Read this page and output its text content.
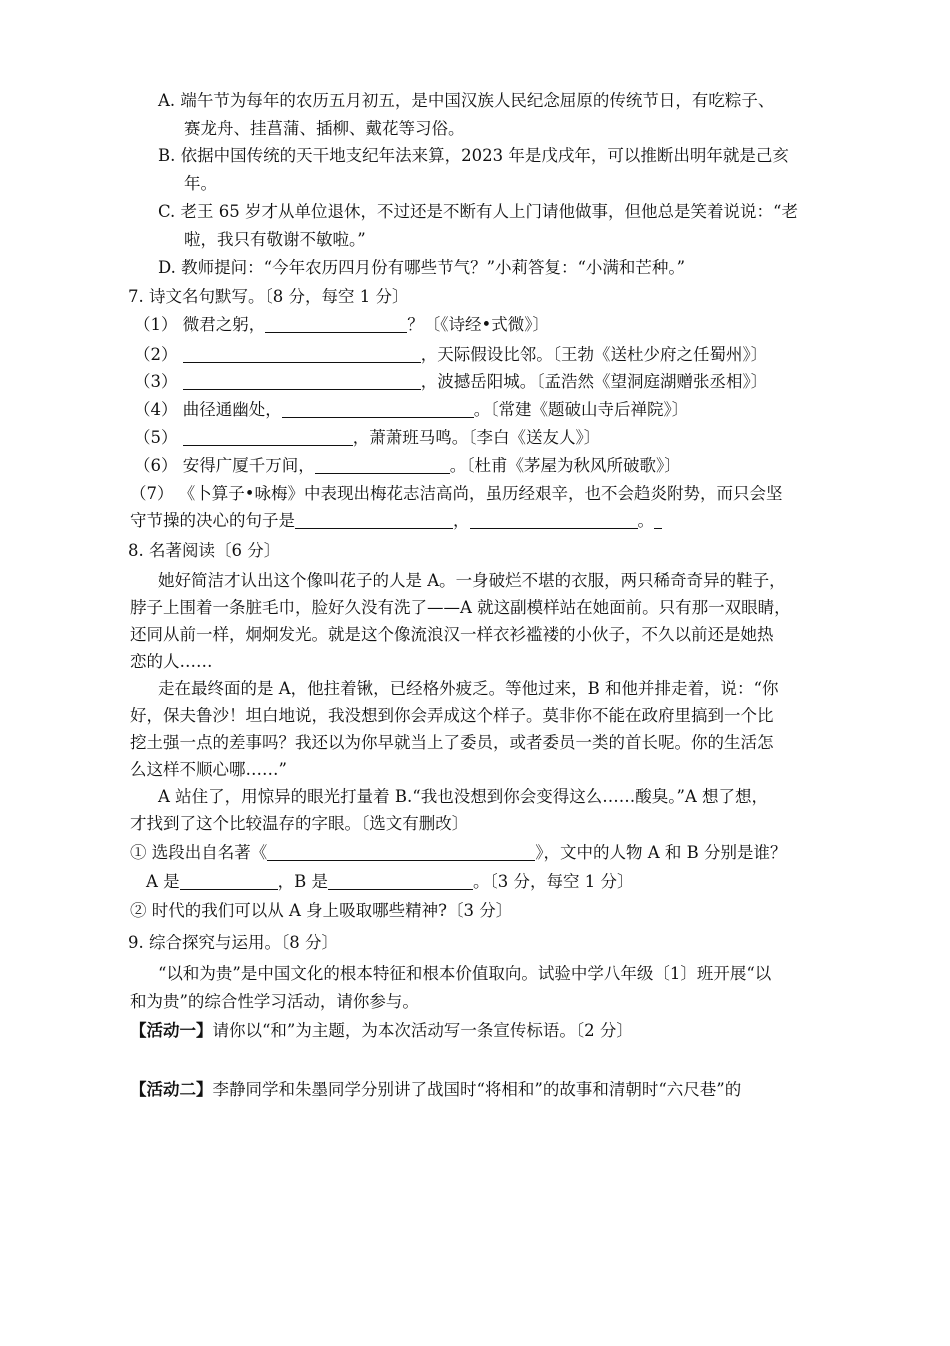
A. 端午节为每年的农历五月初五，是中国汉族人民纪念屈原的传统节日，有吃粽子、
赛龙舟、挂菖蒲、插柳、戴花等习俗。
B. 依据中国传统的天干地支纪年法来算，2023 年是戊戌年，可以推断出明年就是己亥
年。
C. 老王 65 岁才从单位退休，不过还是不断有人上门请他做事，但他总是笑着说说：“老
啦，我只有敬谢不敏啦。”
D. 教师提问：“今年农历四月份有哪些节气？”小莉答复：“小满和芒种。”
7. 诗文名句默写。〔8 分，每空 1 分〕
（1） 微君之躬，	？〔《诗经•式微》〕
（2）	，天际假设比邻。〔王勃《送杜少府之任蜀州》〕
（3）	，波撼岳阳城。〔孟浩然《望洞庭湖赠张丞相》〕
（4） 曲径通幽处，	。〔常建《题破山寺后禅院》〕
（5）	，萧萧班马鸣。〔李白《送友人》〕
（6） 安得广厦千万间，	。〔杜甫《茅屋为秋风所破歌》〕
（7） 《卜算子•咏梅》中表现出梅花志洁高尚，虽历经艰辛，也不会趋炎附势，而只会坚
守节操的决心的句子是	，	。
8. 名著阅读〔6 分〕
她好简洁才认出这个像叫花子的人是 A。一身破烂不堪的衣服，两只稀奇奇异的鞋子，
脖子上围着一条脏毛巾，脸好久没有洗了——A 就这副模样站在她面前。只有那一双眼睛，
还同从前一样，炯炯发光。就是这个像流浪汉一样衣衫褴褛的小伙子，不久以前还是她热
恋的人……
走在最终面的是 A，他拄着锹，已经格外疲乏。等他过来，B 和他并排走着，说：“你
好，保夫鲁沙！坦白地说，我没想到你会弄成这个样子。莫非你不能在政府里搞到一个比
挖土强一点的差事吗？我还以为你早就当上了委员，或者委员一类的首长呢。你的生活怎
么这样不顺心哪……”
A 站住了，用惊异的眼光打量着 B.“我也没想到你会变得这么……酸臭。”A 想了想，
才找到了这个比较温存的字眼。〔选文有删改〕
① 选段出自名著《	》，文中的人物 A 和 B 分别是谁？
A 是	，B 是	。〔3 分，每空 1 分〕
② 时代的我们可以从 A 身上吸取哪些精神?〔3 分〕
9. 综合探究与运用。〔8 分〕
“以和为贵”是中国文化的根本特征和根本价值取向。试验中学八年级〔1〕班开展“以
和为贵”的综合性学习活动，请你参与。
【活动一】请你以“和”为主题，为本次活动写一条宣传标语。〔2 分〕
【活动二】李静同学和朱墨同学分别讲了战国时“将相和”的故事和清朝时“六尺巷”的
